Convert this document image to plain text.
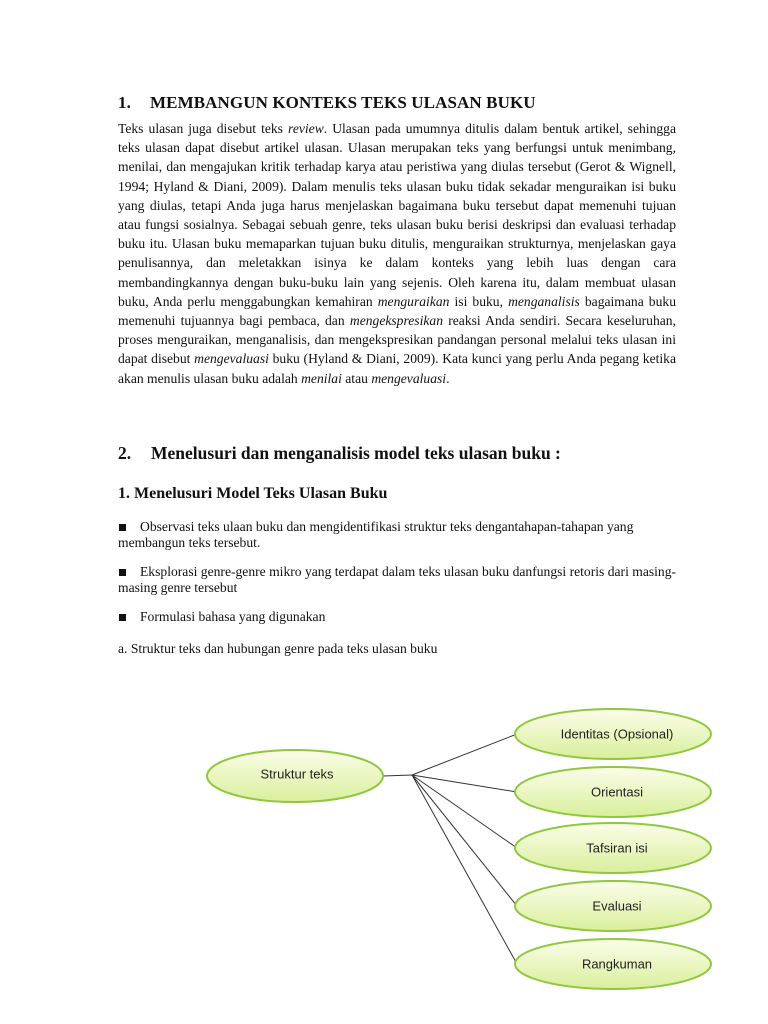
1. MEMBANGUN KONTEKS TEKS ULASAN BUKU
Teks ulasan juga disebut teks review. Ulasan pada umumnya ditulis dalam bentuk artikel, sehingga teks ulasan dapat disebut artikel ulasan. Ulasan merupakan teks yang berfungsi untuk menimbang, menilai, dan mengajukan kritik terhadap karya atau peristiwa yang diulas tersebut (Gerot & Wignell, 1994; Hyland & Diani, 2009). Dalam menulis teks ulasan buku tidak sekadar menguraikan isi buku yang diulas, tetapi Anda juga harus menjelaskan bagaimana buku tersebut dapat memenuhi tujuan atau fungsi sosialnya. Sebagai sebuah genre, teks ulasan buku berisi deskripsi dan evaluasi terhadap buku itu. Ulasan buku memaparkan tujuan buku ditulis, menguraikan strukturnya, menjelaskan gaya penulisannya, dan meletakkan isinya ke dalam konteks yang lebih luas dengan cara membandingkannya dengan buku-buku lain yang sejenis. Oleh karena itu, dalam membuat ulasan buku, Anda perlu menggabungkan kemahiran menguraikan isi buku, menganalisis bagaimana buku memenuhi tujuannya bagi pembaca, dan mengekspresikan reaksi Anda sendiri. Secara keseluruhan, proses menguraikan, menganalisis, dan mengekspresikan pandangan personal melalui teks ulasan ini dapat disebut mengevaluasi buku (Hyland & Diani, 2009). Kata kunci yang perlu Anda pegang ketika akan menulis ulasan buku adalah menilai atau mengevaluasi.
2. Menelusuri dan menganalisis model teks ulasan buku :
1. Menelusuri Model Teks Ulasan Buku
Observasi teks ulaan buku dan mengidentifikasi struktur teks dengantahapan-tahapan yang membangun teks tersebut.
Eksplorasi genre-genre mikro yang terdapat dalam teks ulasan buku danfungsi retoris dari masing-masing genre tersebut
Formulasi bahasa yang digunakan
a. Struktur teks dan hubungan genre pada teks ulasan buku
Struktur teks
Identitas (Opsional)
Orientasi
Tafsiran isi
Evaluasi
Rangkuman
